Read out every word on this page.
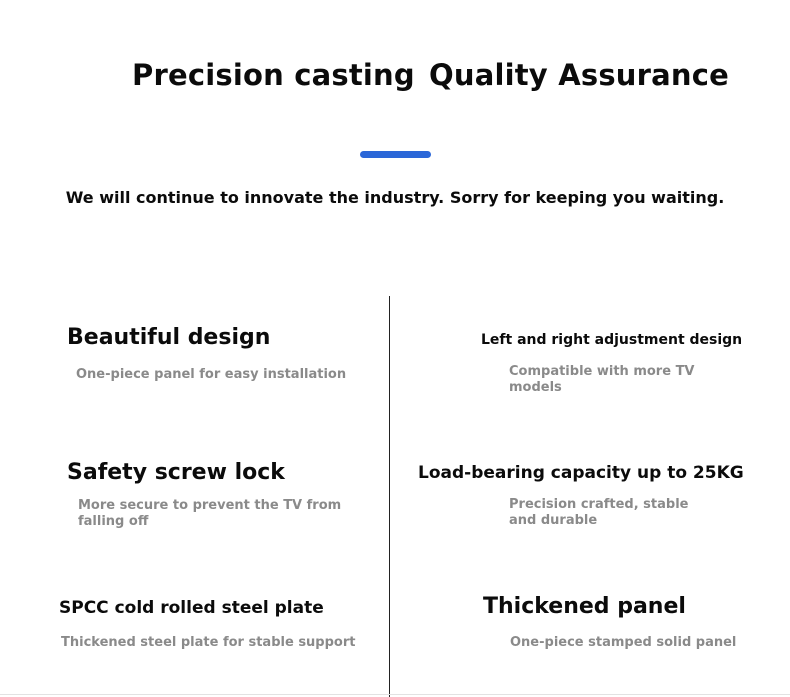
Precision casting Quality Assurance
We will continue to innovate the industry. Sorry for keeping you waiting.
Beautiful design
One-piece panel for easy installation
Safety screw lock
More secure to prevent the TV from falling off
SPCC cold rolled steel plate
Thickened steel plate for stable support
Left and right adjustment design
Compatible with more TV models
Load-bearing capacity up to 25KG
Precision crafted, stable and durable
Thickened panel
One-piece stamped solid panel
